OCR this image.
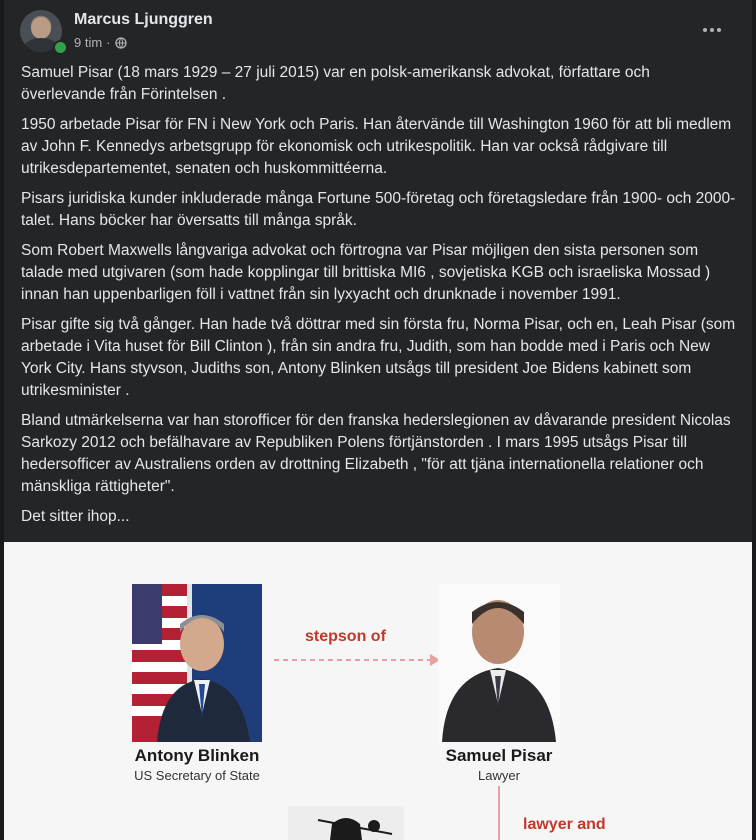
Marcus Ljunggren
9 tim ·

Samuel Pisar (18 mars 1929 – 27 juli 2015) var en polsk-amerikansk advokat, författare och överlevande från Förintelsen .

1950 arbetade Pisar för FN i New York och Paris. Han återvände till Washington 1960 för att bli medlem av John F. Kennedys arbetsgrupp för ekonomisk och utrikespolitik. Han var också rådgivare till utrikesdepartementet, senaten och huskommittéerna.

Pisars juridiska kunder inkluderade många Fortune 500-företag och företagsledare från 1900- och 2000-talet. Hans böcker har översatts till många språk.

Som Robert Maxwells långvariga advokat och förtrogna var Pisar möjligen den sista personen som talade med utgivaren (som hade kopplingar till brittiska MI6 , sovjetiska KGB och israeliska Mossad ) innan han uppenbarligen föll i vattnet från sin lyxyacht och drunknade i november 1991.

Pisar gifte sig två gånger. Han hade två döttrar med sin första fru, Norma Pisar, och en, Leah Pisar (som arbetade i Vita huset för Bill Clinton ), från sin andra fru, Judith, som han bodde med i Paris och New York City. Hans styvson, Judiths son, Antony Blinken utsågs till president Joe Bidens kabinett som utrikesminister .

Bland utmärkelserna var han storofficer för den franska hederslegionen av dåvarande president Nicolas Sarkozy 2012 och befälhavare av Republiken Polens förtjänstorden . I mars 1995 utsågs Pisar till hedersofficer av Australiens orden av drottning Elizabeth , "för att tjäna internationella relationer och mänskliga rättigheter".

Det sitter ihop...

Antony Blinken
US Secretary of State
stepson of
Samuel Pisar
Lawyer
lawyer and
